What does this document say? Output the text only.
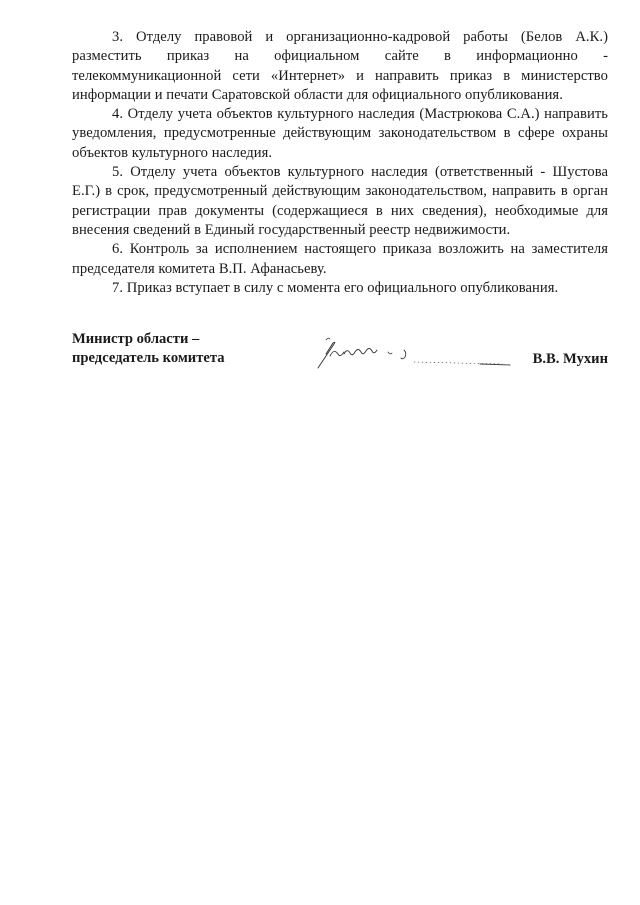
3. Отделу правовой и организационно-кадровой работы (Белов А.К.) разместить приказ на официальном сайте в информационно - телекоммуникационной сети «Интернет» и направить приказ в министерство информации и печати Саратовской области для официального опубликования.

4. Отделу учета объектов культурного наследия (Мастрюкова С.А.) направить уведомления, предусмотренные действующим законодательством в сфере охраны объектов культурного наследия.

5. Отделу учета объектов культурного наследия (ответственный - Шустова Е.Г.) в срок, предусмотренный действующим законодательством, направить в орган регистрации прав документы (содержащиеся в них сведения), необходимые для внесения сведений в Единый государственный реестр недвижимости.

6. Контроль за исполнением настоящего приказа возложить на заместителя председателя комитета В.П. Афанасьеву.

7. Приказ вступает в силу с момента его официального опубликования.

Министр области –
председатель комитета	В.В. Мухин
